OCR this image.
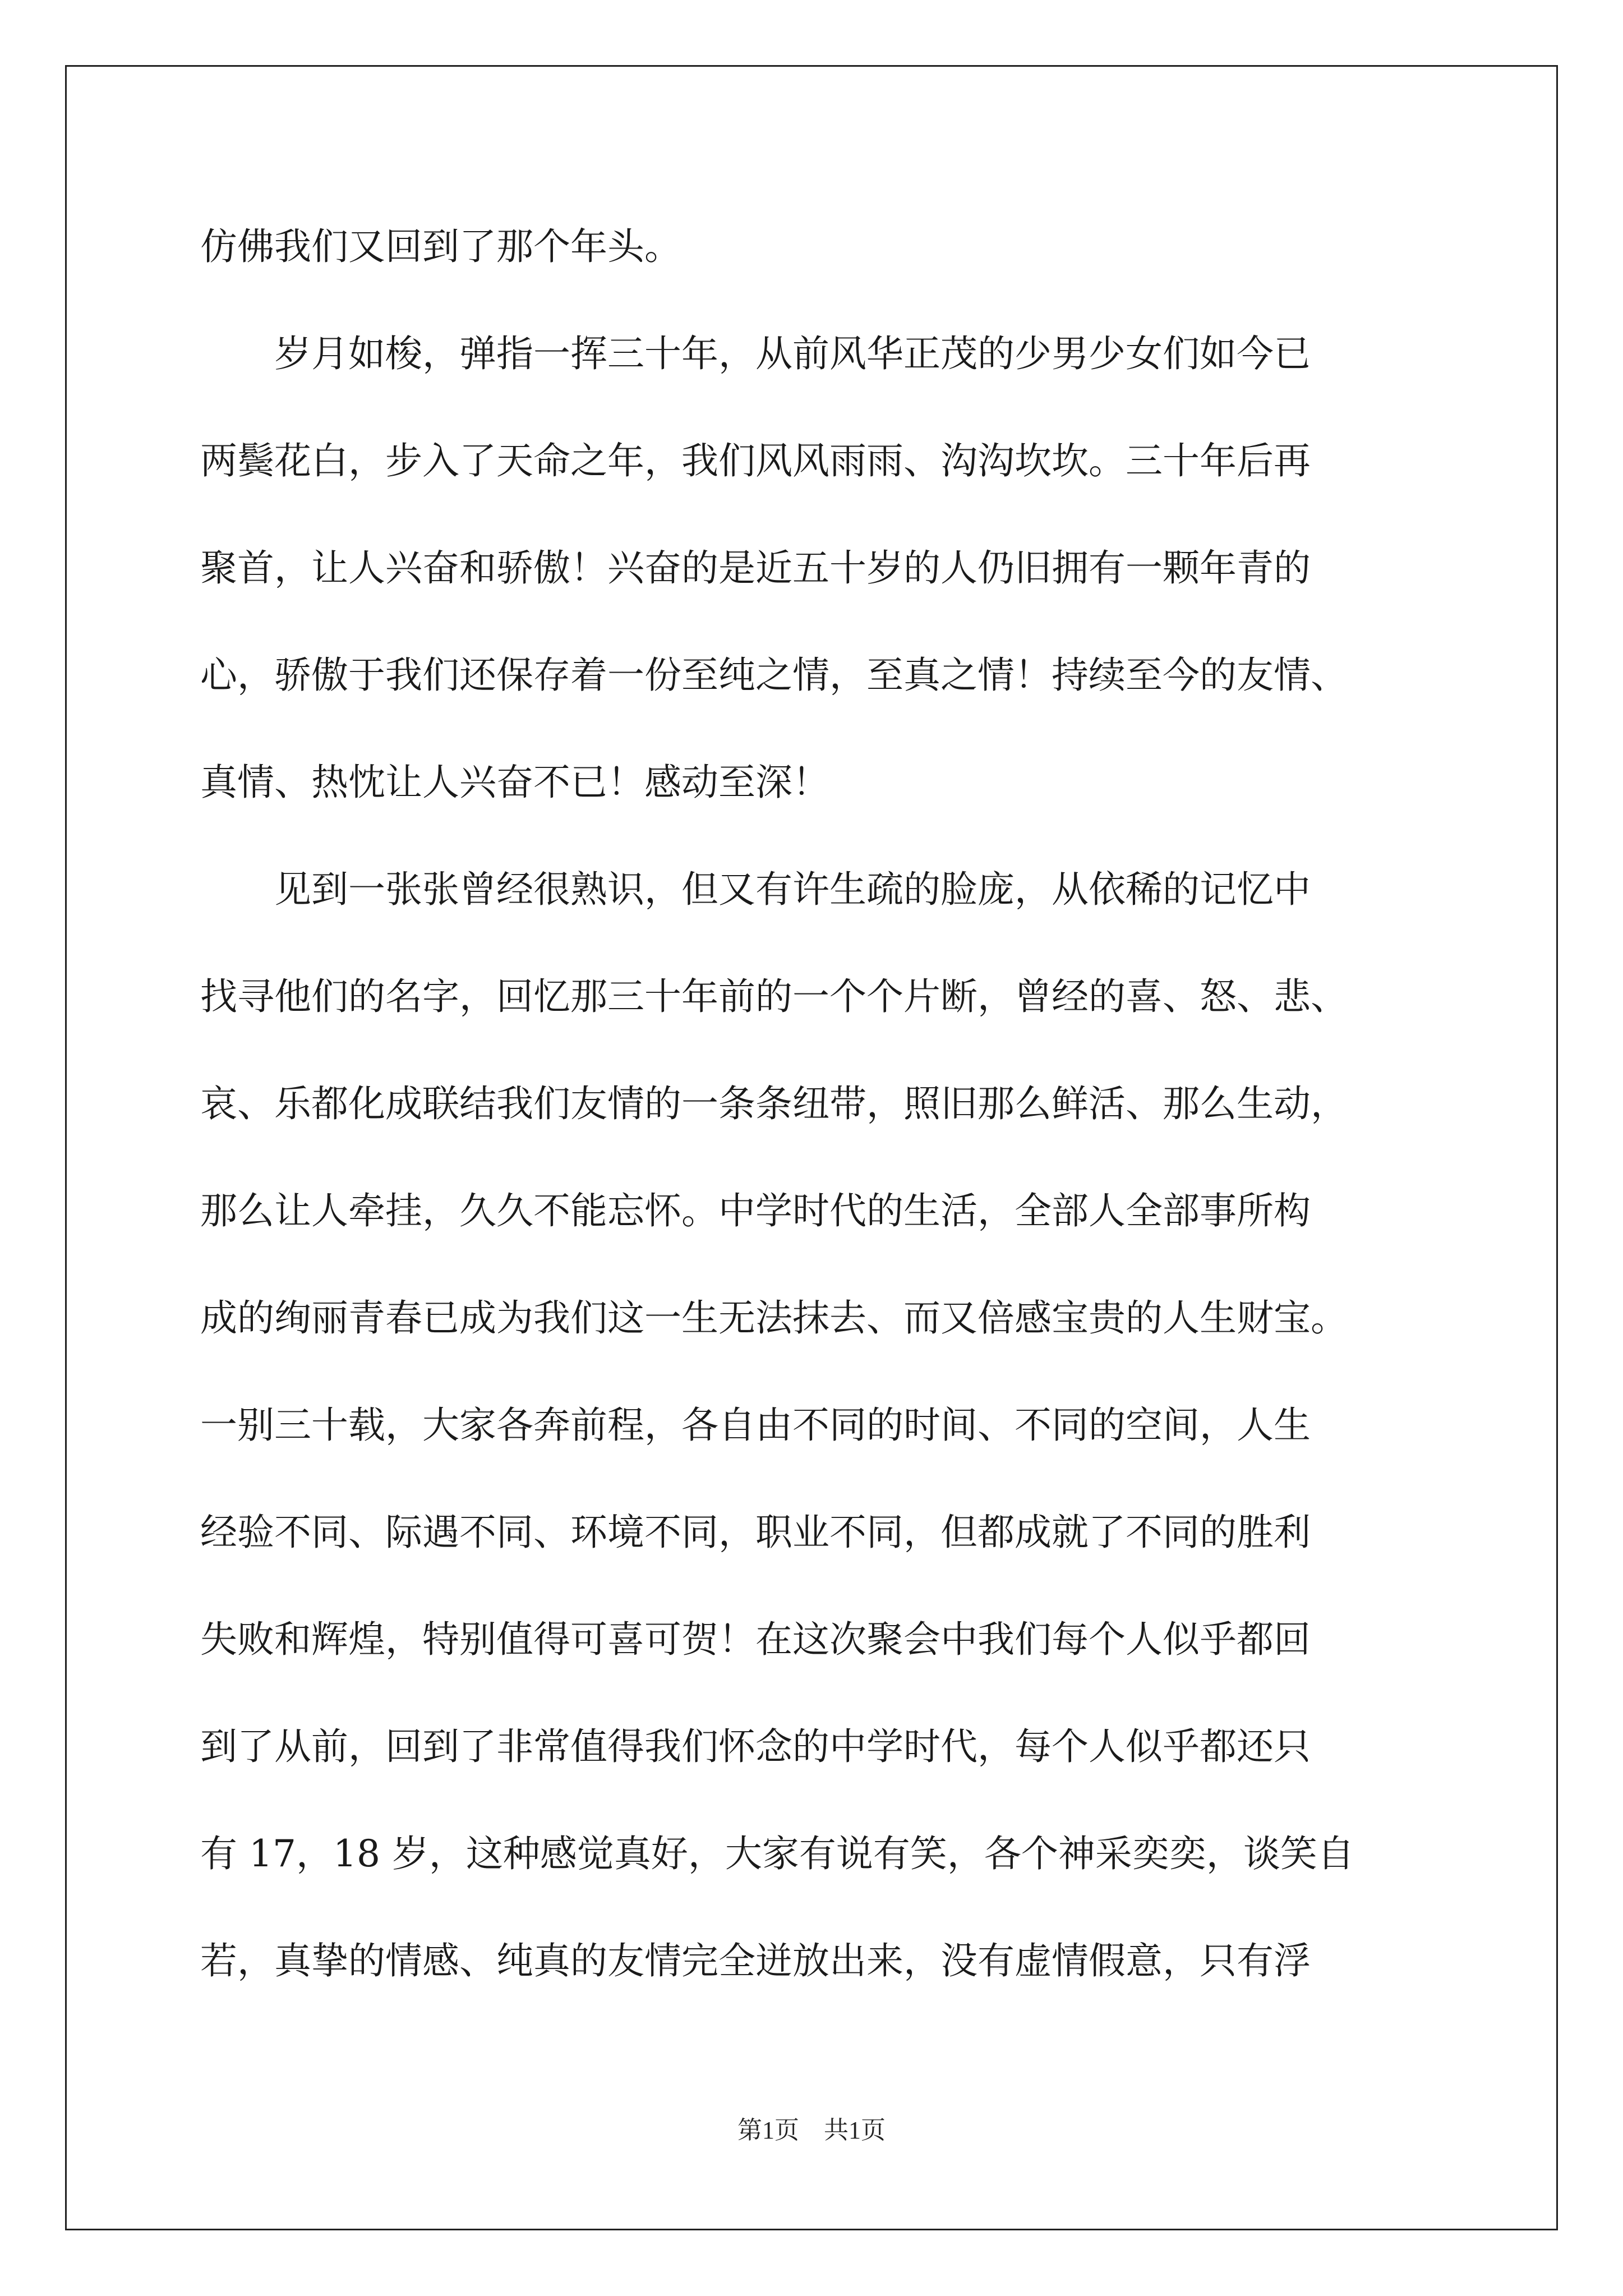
仿佛我们又回到了那个年头。
岁月如梭，弹指一挥三十年，从前风华正茂的少男少女们如今已
两鬓花白，步入了天命之年，我们风风雨雨、沟沟坎坎。三十年后再
聚首，让人兴奋和骄傲！兴奋的是近五十岁的人仍旧拥有一颗年青的
心，骄傲于我们还保存着一份至纯之情，至真之情！持续至今的友情、
真情、热忱让人兴奋不已！感动至深！
见到一张张曾经很熟识，但又有许生疏的脸庞，从依稀的记忆中
找寻他们的名字，回忆那三十年前的一个个片断，曾经的喜、怒、悲、
哀、乐都化成联结我们友情的一条条纽带，照旧那么鲜活、那么生动，
那么让人牵挂，久久不能忘怀。中学时代的生活，全部人全部事所构
成的绚丽青春已成为我们这一生无法抹去、而又倍感宝贵的人生财宝。
一别三十载，大家各奔前程，各自由不同的时间、不同的空间，人生
经验不同、际遇不同、环境不同，职业不同，但都成就了不同的胜利
失败和辉煌，特别值得可喜可贺！在这次聚会中我们每个人似乎都回
到了从前，回到了非常值得我们怀念的中学时代，每个人似乎都还只
有 17，18 岁，这种感觉真好，大家有说有笑，各个神采奕奕，谈笑自
若，真挚的情感、纯真的友情完全迸放出来，没有虚情假意，只有浮
第1页　共1页
